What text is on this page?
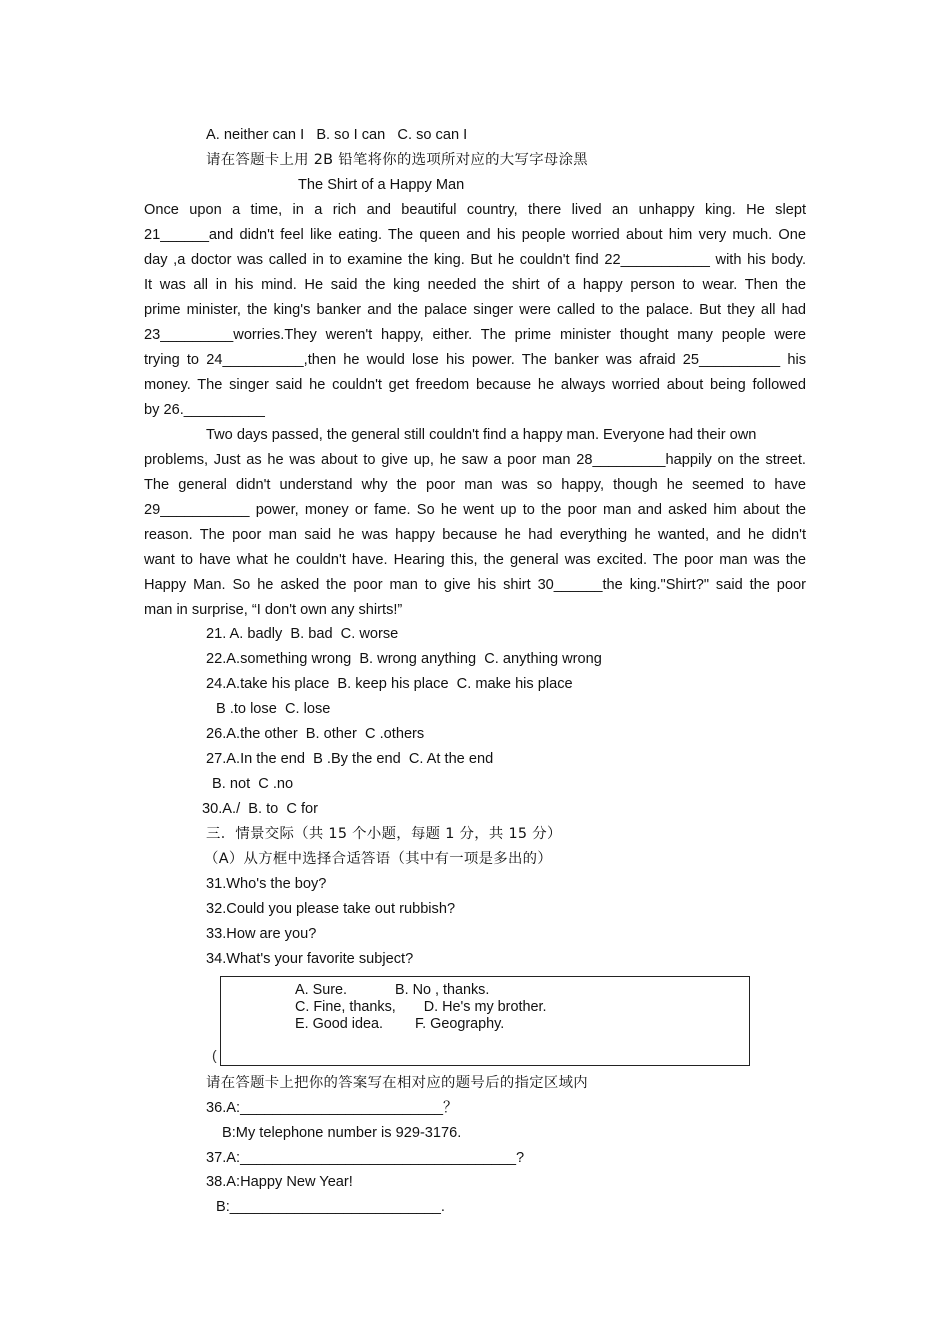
A. neither can I   B. so I can   C. so can I
请在答题卡上用 2B 铅笔将你的选项所对应的大写字母涂黑
The Shirt of a Happy Man
Once upon a time, in a rich and beautiful country, there lived an unhappy king. He slept
21______and didn't feel like eating. The queen and his people worried about him very much. One
day ,a doctor was called in to examine the king. But he couldn't find 22___________ with his body.
It was all in his mind. He said the king needed the shirt of a happy person to wear. Then the
prime minister, the king's banker and the palace singer were called to the palace. But they all had
23_________worries.They weren't happy, either. The prime minister thought many people were
trying to 24__________,then he would lose his power. The banker was afraid 25__________ his
money. The singer said he couldn't get freedom because he always worried about being followed
by 26.__________
Two days passed, the general still couldn't find a happy man. Everyone had their own
problems, Just as he was about to give up, he saw a poor man 28_________happily on the street.
The general didn't understand why the poor man was so happy, though he seemed to have
29___________ power, money or fame. So he went up to the poor man and asked him about the
reason. The poor man said he was happy because he had everything he wanted, and he didn't
want to have what he couldn't have. Hearing this, the general was excited. The poor man was the
Happy Man. So he asked the poor man to give his shirt 30______the king."Shirt?" said the poor
man in surprise, “I don't own any shirts!”
21. A. badly  B. bad  C. worse
22.A.something wrong  B. wrong anything  C. anything wrong
24.A.take his place  B. keep his place  C. make his place
B .to lose  C. lose
26.A.the other  B. other  C .others
27.A.In the end  B .By the end  C. At the end
B. not  C .no
30.A./  B. to  C for
三．情景交际（共 15 个小题，每题 1 分，共 15 分）
（A）从方框中选择合适答语（其中有一项是多出的）
31.Who's the boy?
32.Could you please take out rubbish?
33.How are you?
34.What's your favorite subject?
(
A. Sure.            B. No , thanks.
C. Fine, thanks,       D. He's my brother.
E. Good idea.        F. Geography.
请在答题卡上把你的答案写在相对应的题号后的指定区域内
36.A:_________________________？
B:My telephone number is 929-3176.
37.A:__________________________________?
38.A:Happy New Year!
B:__________________________.
